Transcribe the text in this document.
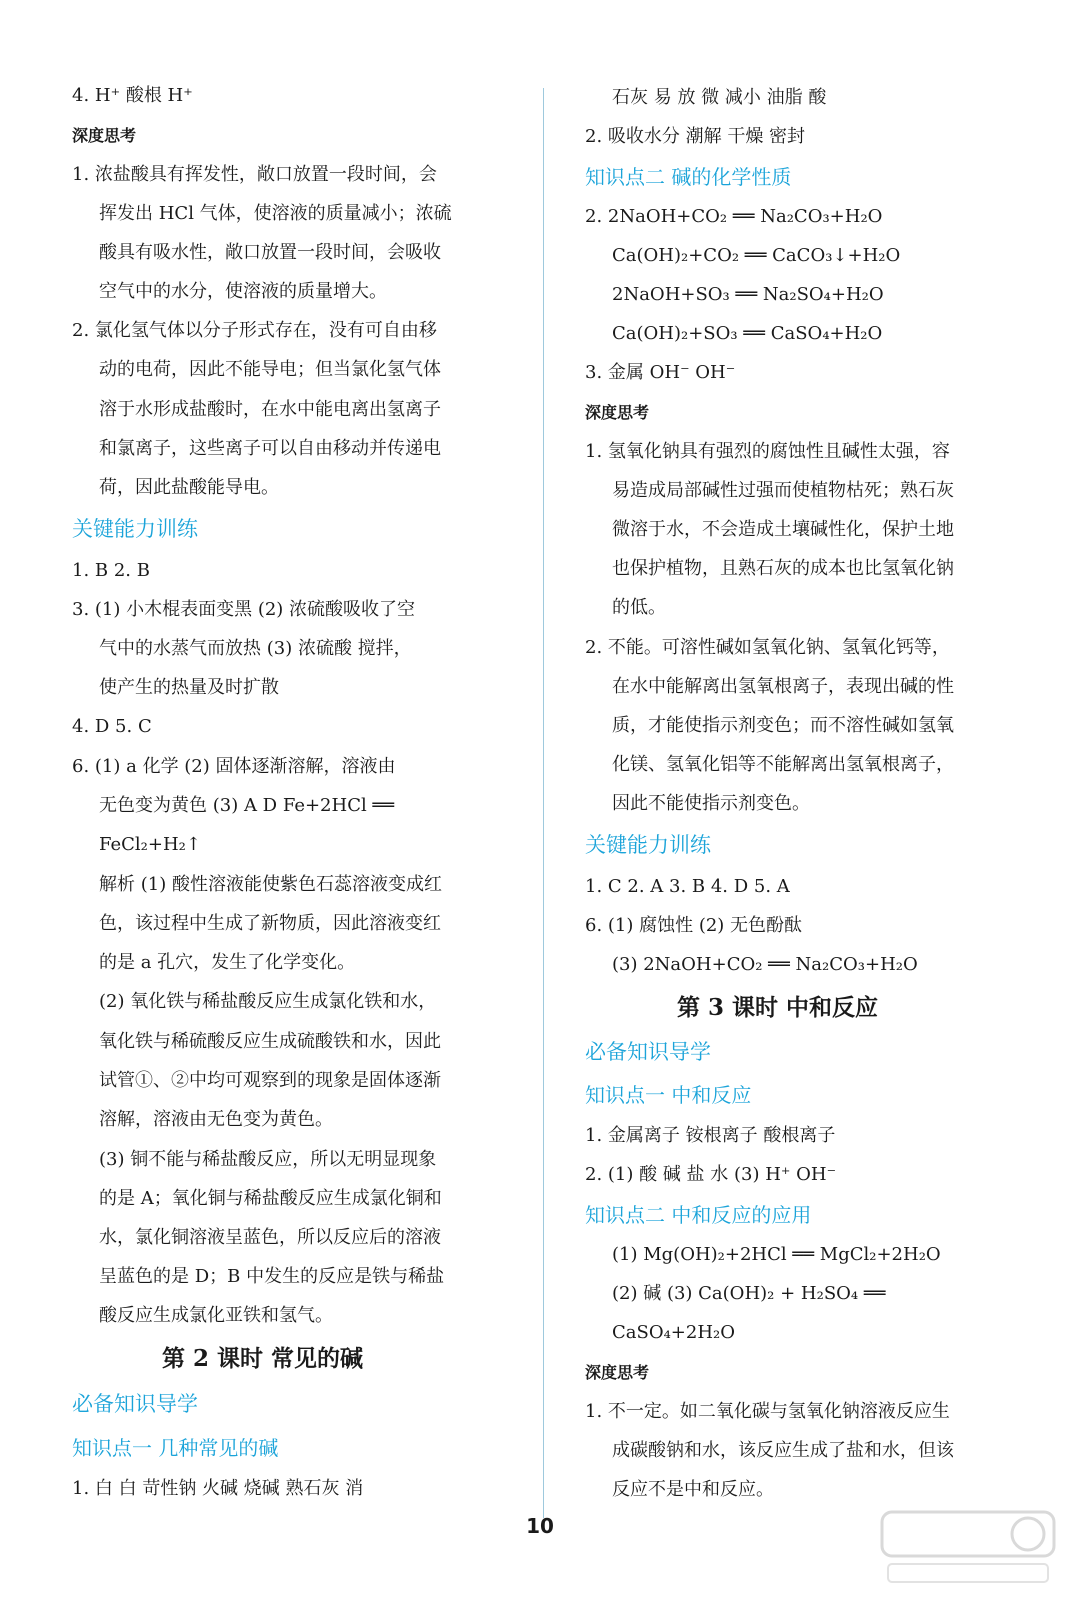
4. H⁺ 酸根 H⁺
深度思考
1. 浓盐酸具有挥发性，敞口放置一段时间，会
挥发出 HCl 气体，使溶液的质量减小；浓硫
酸具有吸水性，敞口放置一段时间，会吸收
空气中的水分，使溶液的质量增大。
2. 氯化氢气体以分子形式存在，没有可自由移
动的电荷，因此不能导电；但当氯化氢气体
溶于水形成盐酸时，在水中能电离出氢离子
和氯离子，这些离子可以自由移动并传递电
荷，因此盐酸能导电。
关键能力训练
1. B 2. B
3. (1) 小木棍表面变黑 (2) 浓硫酸吸收了空
气中的水蒸气而放热 (3) 浓硫酸 搅拌，
使产生的热量及时扩散
4. D 5. C
6. (1) a 化学 (2) 固体逐渐溶解，溶液由
无色变为黄色 (3) A D Fe+2HCl ══
FeCl₂+H₂↑
解析 (1) 酸性溶液能使紫色石蕊溶液变成红
色，该过程中生成了新物质，因此溶液变红
的是 a 孔穴，发生了化学变化。
(2) 氧化铁与稀盐酸反应生成氯化铁和水，
氧化铁与稀硫酸反应生成硫酸铁和水，因此
试管①、②中均可观察到的现象是固体逐渐
溶解，溶液由无色变为黄色。
(3) 铜不能与稀盐酸反应，所以无明显现象
的是 A；氧化铜与稀盐酸反应生成氯化铜和
水，氯化铜溶液呈蓝色，所以反应后的溶液
呈蓝色的是 D；B 中发生的反应是铁与稀盐
酸反应生成氯化亚铁和氢气。
第 2 课时 常见的碱
必备知识导学
知识点一 几种常见的碱
1. 白 白 苛性钠 火碱 烧碱 熟石灰 消
石灰 易 放 微 减小 油脂 酸
2. 吸收水分 潮解 干燥 密封
知识点二 碱的化学性质
2. 2NaOH+CO₂ ══ Na₂CO₃+H₂O
Ca(OH)₂+CO₂ ══ CaCO₃↓+H₂O
2NaOH+SO₃ ══ Na₂SO₄+H₂O
Ca(OH)₂+SO₃ ══ CaSO₄+H₂O
3. 金属 OH⁻ OH⁻
深度思考
1. 氢氧化钠具有强烈的腐蚀性且碱性太强，容
易造成局部碱性过强而使植物枯死；熟石灰
微溶于水，不会造成土壤碱性化，保护土地
也保护植物，且熟石灰的成本也比氢氧化钠
的低。
2. 不能。可溶性碱如氢氧化钠、氢氧化钙等，
在水中能解离出氢氧根离子，表现出碱的性
质，才能使指示剂变色；而不溶性碱如氢氧
化镁、氢氧化铝等不能解离出氢氧根离子，
因此不能使指示剂变色。
关键能力训练
1. C 2. A 3. B 4. D 5. A
6. (1) 腐蚀性 (2) 无色酚酞
(3) 2NaOH+CO₂ ══ Na₂CO₃+H₂O
第 3 课时 中和反应
必备知识导学
知识点一 中和反应
1. 金属离子 铵根离子 酸根离子
2. (1) 酸 碱 盐 水 (3) H⁺ OH⁻
知识点二 中和反应的应用
(1) Mg(OH)₂+2HCl ══ MgCl₂+2H₂O
(2) 碱 (3) Ca(OH)₂ + H₂SO₄ ══
CaSO₄+2H₂O
深度思考
1. 不一定。如二氧化碳与氢氧化钠溶液反应生
成碳酸钠和水，该反应生成了盐和水，但该
反应不是中和反应。
10
